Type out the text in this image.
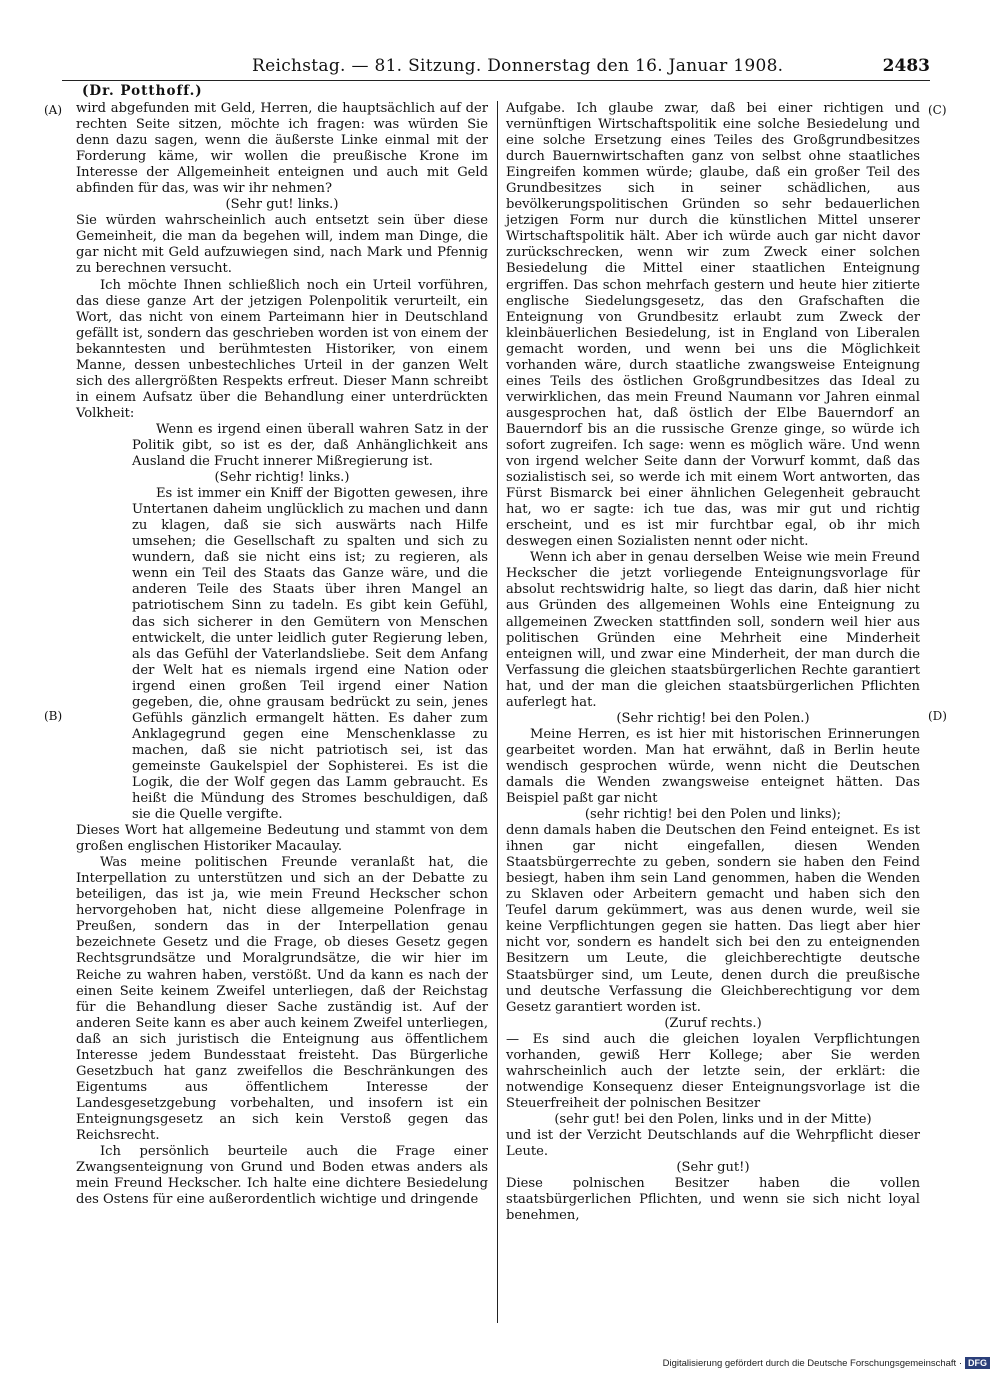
Reichstag. — 81. Sitzung. Donnerstag den 16. Januar 1908.	2483
(Dr. Potthoff.)
(A)
(B)
(C)
(D)

wird abgefunden mit Geld, Herren, die hauptsächlich auf der rechten Seite sitzen, möchte ich fragen: was würden Sie denn dazu sagen, wenn die äußerste Linke einmal mit der Forderung käme, wir wollen die preußische Krone im Interesse der Allgemeinheit enteignen und auch mit Geld abfinden für das, was wir ihr nehmen?

(Sehr gut! links.)

Sie würden wahrscheinlich auch entsetzt sein über diese Gemeinheit, die man da begehen will, indem man Dinge, die gar nicht mit Geld aufzuwiegen sind, nach Mark und Pfennig zu berechnen versucht.

Ich möchte Ihnen schließlich noch ein Urteil vorführen, das diese ganze Art der jetzigen Polenpolitik verurteilt, ein Wort, das nicht von einem Parteimann hier in Deutschland gefällt ist, sondern das geschrieben worden ist von einem der bekanntesten und berühmtesten Historiker, von einem Manne, dessen unbestechliches Urteil in der ganzen Welt sich des allergrößten Respekts erfreut. Dieser Mann schreibt in einem Aufsatz über die Behandlung einer unterdrückten Volkheit:

Wenn es irgend einen überall wahren Satz in der Politik gibt, so ist es der, daß Anhänglichkeit ans Ausland die Frucht innerer Mißregierung ist.

(Sehr richtig! links.)

Es ist immer ein Kniff der Bigotten gewesen, ihre Untertanen daheim unglücklich zu machen und dann zu klagen, daß sie sich auswärts nach Hilfe umsehen; die Gesellschaft zu spalten und sich zu wundern, daß sie nicht eins ist; zu regieren, als wenn ein Teil des Staats das Ganze wäre, und die anderen Teile des Staats über ihren Mangel an patriotischem Sinn zu tadeln. Es gibt kein Gefühl, das sich sicherer in den Gemütern von Menschen entwickelt, die unter leidlich guter Regierung leben, als das Gefühl der Vaterlandsliebe. Seit dem Anfang der Welt hat es niemals irgend eine Nation oder irgend einen großen Teil irgend einer Nation gegeben, die, ohne grausam bedrückt zu sein, jenes Gefühls gänzlich ermangelt hätten. Es daher zum Anklagegrund gegen eine Menschenklasse zu machen, daß sie nicht patriotisch sei, ist das gemeinste Gaukelspiel der Sophisterei. Es ist die Logik, die der Wolf gegen das Lamm gebraucht. Es heißt die Mündung des Stromes beschuldigen, daß sie die Quelle vergifte.

Dieses Wort hat allgemeine Bedeutung und stammt von dem großen englischen Historiker Macaulay.

Was meine politischen Freunde veranlaßt hat, die Interpellation zu unterstützen und sich an der Debatte zu beteiligen, das ist ja, wie mein Freund Heckscher schon hervorgehoben hat, nicht diese allgemeine Polenfrage in Preußen, sondern das in der Interpellation genau bezeichnete Gesetz und die Frage, ob dieses Gesetz gegen Rechtsgrundsätze und Moralgrundsätze, die wir hier im Reiche zu wahren haben, verstößt. Und da kann es nach der einen Seite keinem Zweifel unterliegen, daß der Reichstag für die Behandlung dieser Sache zuständig ist. Auf der anderen Seite kann es aber auch keinem Zweifel unterliegen, daß an sich juristisch die Enteignung aus öffentlichem Interesse jedem Bundesstaat freisteht. Das Bürgerliche Gesetzbuch hat ganz zweifellos die Beschränkungen des Eigentums aus öffentlichem Interesse der Landesgesetzgebung vorbehalten, und insofern ist ein Enteignungsgesetz an sich kein Verstoß gegen das Reichsrecht.

Ich persönlich beurteile auch die Frage einer Zwangsenteignung von Grund und Boden etwas anders als mein Freund Heckscher. Ich halte eine dichtere Besiedelung des Ostens für eine außerordentlich wichtige und dringende

Aufgabe. Ich glaube zwar, daß bei einer richtigen und vernünftigen Wirtschaftspolitik eine solche Besiedelung und eine solche Ersetzung eines Teiles des Großgrundbesitzes durch Bauernwirtschaften ganz von selbst ohne staatliches Eingreifen kommen würde; glaube, daß ein großer Teil des Grundbesitzes sich in seiner schädlichen, aus bevölkerungspolitischen Gründen so sehr bedauerlichen jetzigen Form nur durch die künstlichen Mittel unserer Wirtschaftspolitik hält. Aber ich würde auch gar nicht davor zurückschrecken, wenn wir zum Zweck einer solchen Besiedelung die Mittel einer staatlichen Enteignung ergriffen. Das schon mehrfach gestern und heute hier zitierte englische Siedelungsgesetz, das den Grafschaften die Enteignung von Grundbesitz erlaubt zum Zweck der kleinbäuerlichen Besiedelung, ist in England von Liberalen gemacht worden, und wenn bei uns die Möglichkeit vorhanden wäre, durch staatliche zwangsweise Enteignung eines Teils des östlichen Großgrundbesitzes das Ideal zu verwirklichen, das mein Freund Naumann vor Jahren einmal ausgesprochen hat, daß östlich der Elbe Bauerndorf an Bauerndorf bis an die russische Grenze ginge, so würde ich sofort zugreifen. Ich sage: wenn es möglich wäre. Und wenn von irgend welcher Seite dann der Vorwurf kommt, daß das sozialistisch sei, so werde ich mit einem Wort antworten, das Fürst Bismarck bei einer ähnlichen Gelegenheit gebraucht hat, wo er sagte: ich tue das, was mir gut und richtig erscheint, und es ist mir furchtbar egal, ob ihr mich deswegen einen Sozialisten nennt oder nicht.

Wenn ich aber in genau derselben Weise wie mein Freund Heckscher die jetzt vorliegende Enteignungsvorlage für absolut rechtswidrig halte, so liegt das darin, daß hier nicht aus Gründen des allgemeinen Wohls eine Enteignung zu allgemeinen Zwecken stattfinden soll, sondern weil hier aus politischen Gründen eine Mehrheit eine Minderheit enteignen will, und zwar eine Minderheit, der man durch die Verfassung die gleichen staatsbürgerlichen Rechte garantiert hat, und der man die gleichen staatsbürgerlichen Pflichten auferlegt hat.

(Sehr richtig! bei den Polen.)

Meine Herren, es ist hier mit historischen Erinnerungen gearbeitet worden. Man hat erwähnt, daß in Berlin heute wendisch gesprochen würde, wenn nicht die Deutschen damals die Wenden zwangsweise enteignet hätten. Das Beispiel paßt gar nicht

(sehr richtig! bei den Polen und links);

denn damals haben die Deutschen den Feind enteignet. Es ist ihnen gar nicht eingefallen, diesen Wenden Staatsbürgerrechte zu geben, sondern sie haben den Feind besiegt, haben ihm sein Land genommen, haben die Wenden zu Sklaven oder Arbeitern gemacht und haben sich den Teufel darum gekümmert, was aus denen wurde, weil sie keine Verpflichtungen gegen sie hatten. Das liegt aber hier nicht vor, sondern es handelt sich bei den zu enteignenden Besitzern um Leute, die gleichberechtigte deutsche Staatsbürger sind, um Leute, denen durch die preußische und deutsche Verfassung die Gleichberechtigung vor dem Gesetz garantiert worden ist.

(Zuruf rechts.)

— Es sind auch die gleichen loyalen Verpflichtungen vorhanden, gewiß Herr Kollege; aber Sie werden wahrscheinlich auch der letzte sein, der erklärt: die notwendige Konsequenz dieser Enteignungsvorlage ist die Steuerfreiheit der polnischen Besitzer

(sehr gut! bei den Polen, links und in der Mitte)

und ist der Verzicht Deutschlands auf die Wehrpflicht dieser Leute.

(Sehr gut!)

Diese polnischen Besitzer haben die vollen staatsbürgerlichen Pflichten, und wenn sie sich nicht loyal benehmen,

Digitalisierung gefördert durch die Deutsche Forschungsgemeinschaft · DFG
